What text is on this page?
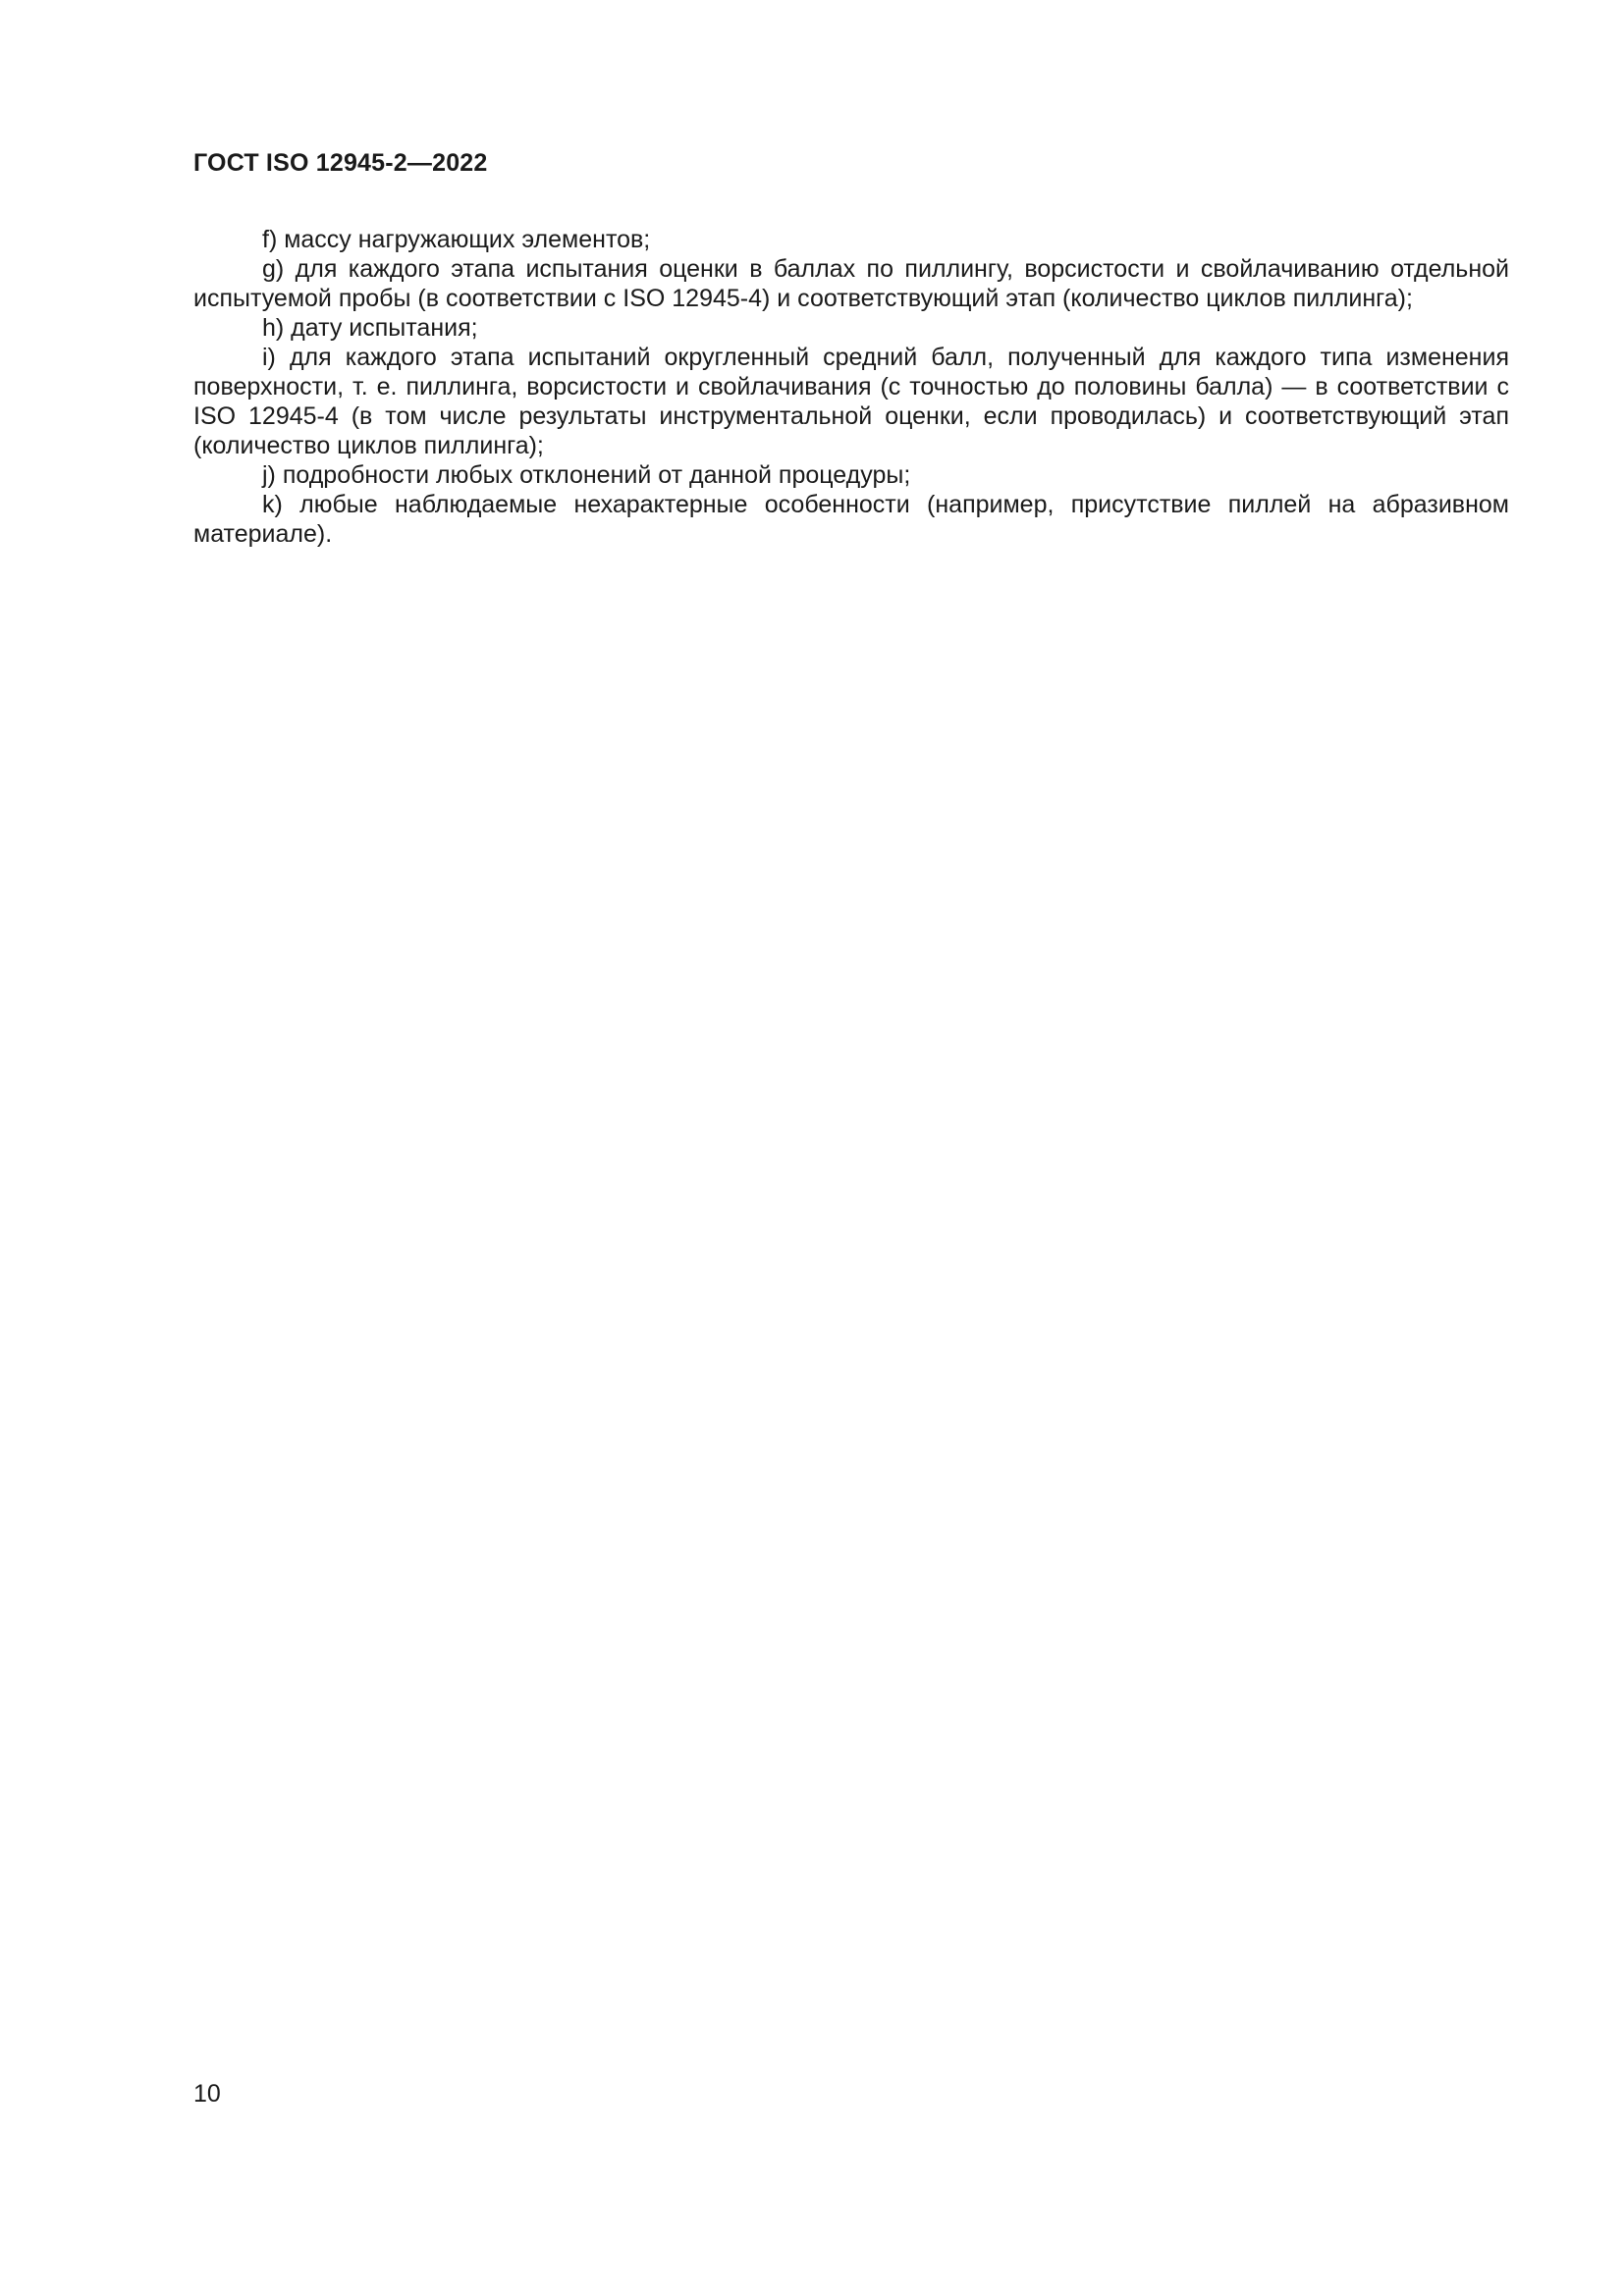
ГОСТ ISO 12945-2—2022

f) массу нагружающих элементов;

g) для каждого этапа испытания оценки в баллах по пиллингу, ворсистости и свойлачиванию отдельной испытуемой пробы (в соответствии с ISO 12945-4) и соответствующий этап (количество циклов пиллинга);

h) дату испытания;

i) для каждого этапа испытаний округленный средний балл, полученный для каждого типа изменения поверхности, т. е. пиллинга, ворсистости и свойлачивания (с точностью до половины балла) — в соответствии с ISO 12945-4 (в том числе результаты инструментальной оценки, если проводилась) и соответствующий этап (количество циклов пиллинга);

j) подробности любых отклонений от данной процедуры;

k) любые наблюдаемые нехарактерные особенности (например, присутствие пиллей на абразивном материале).

10
